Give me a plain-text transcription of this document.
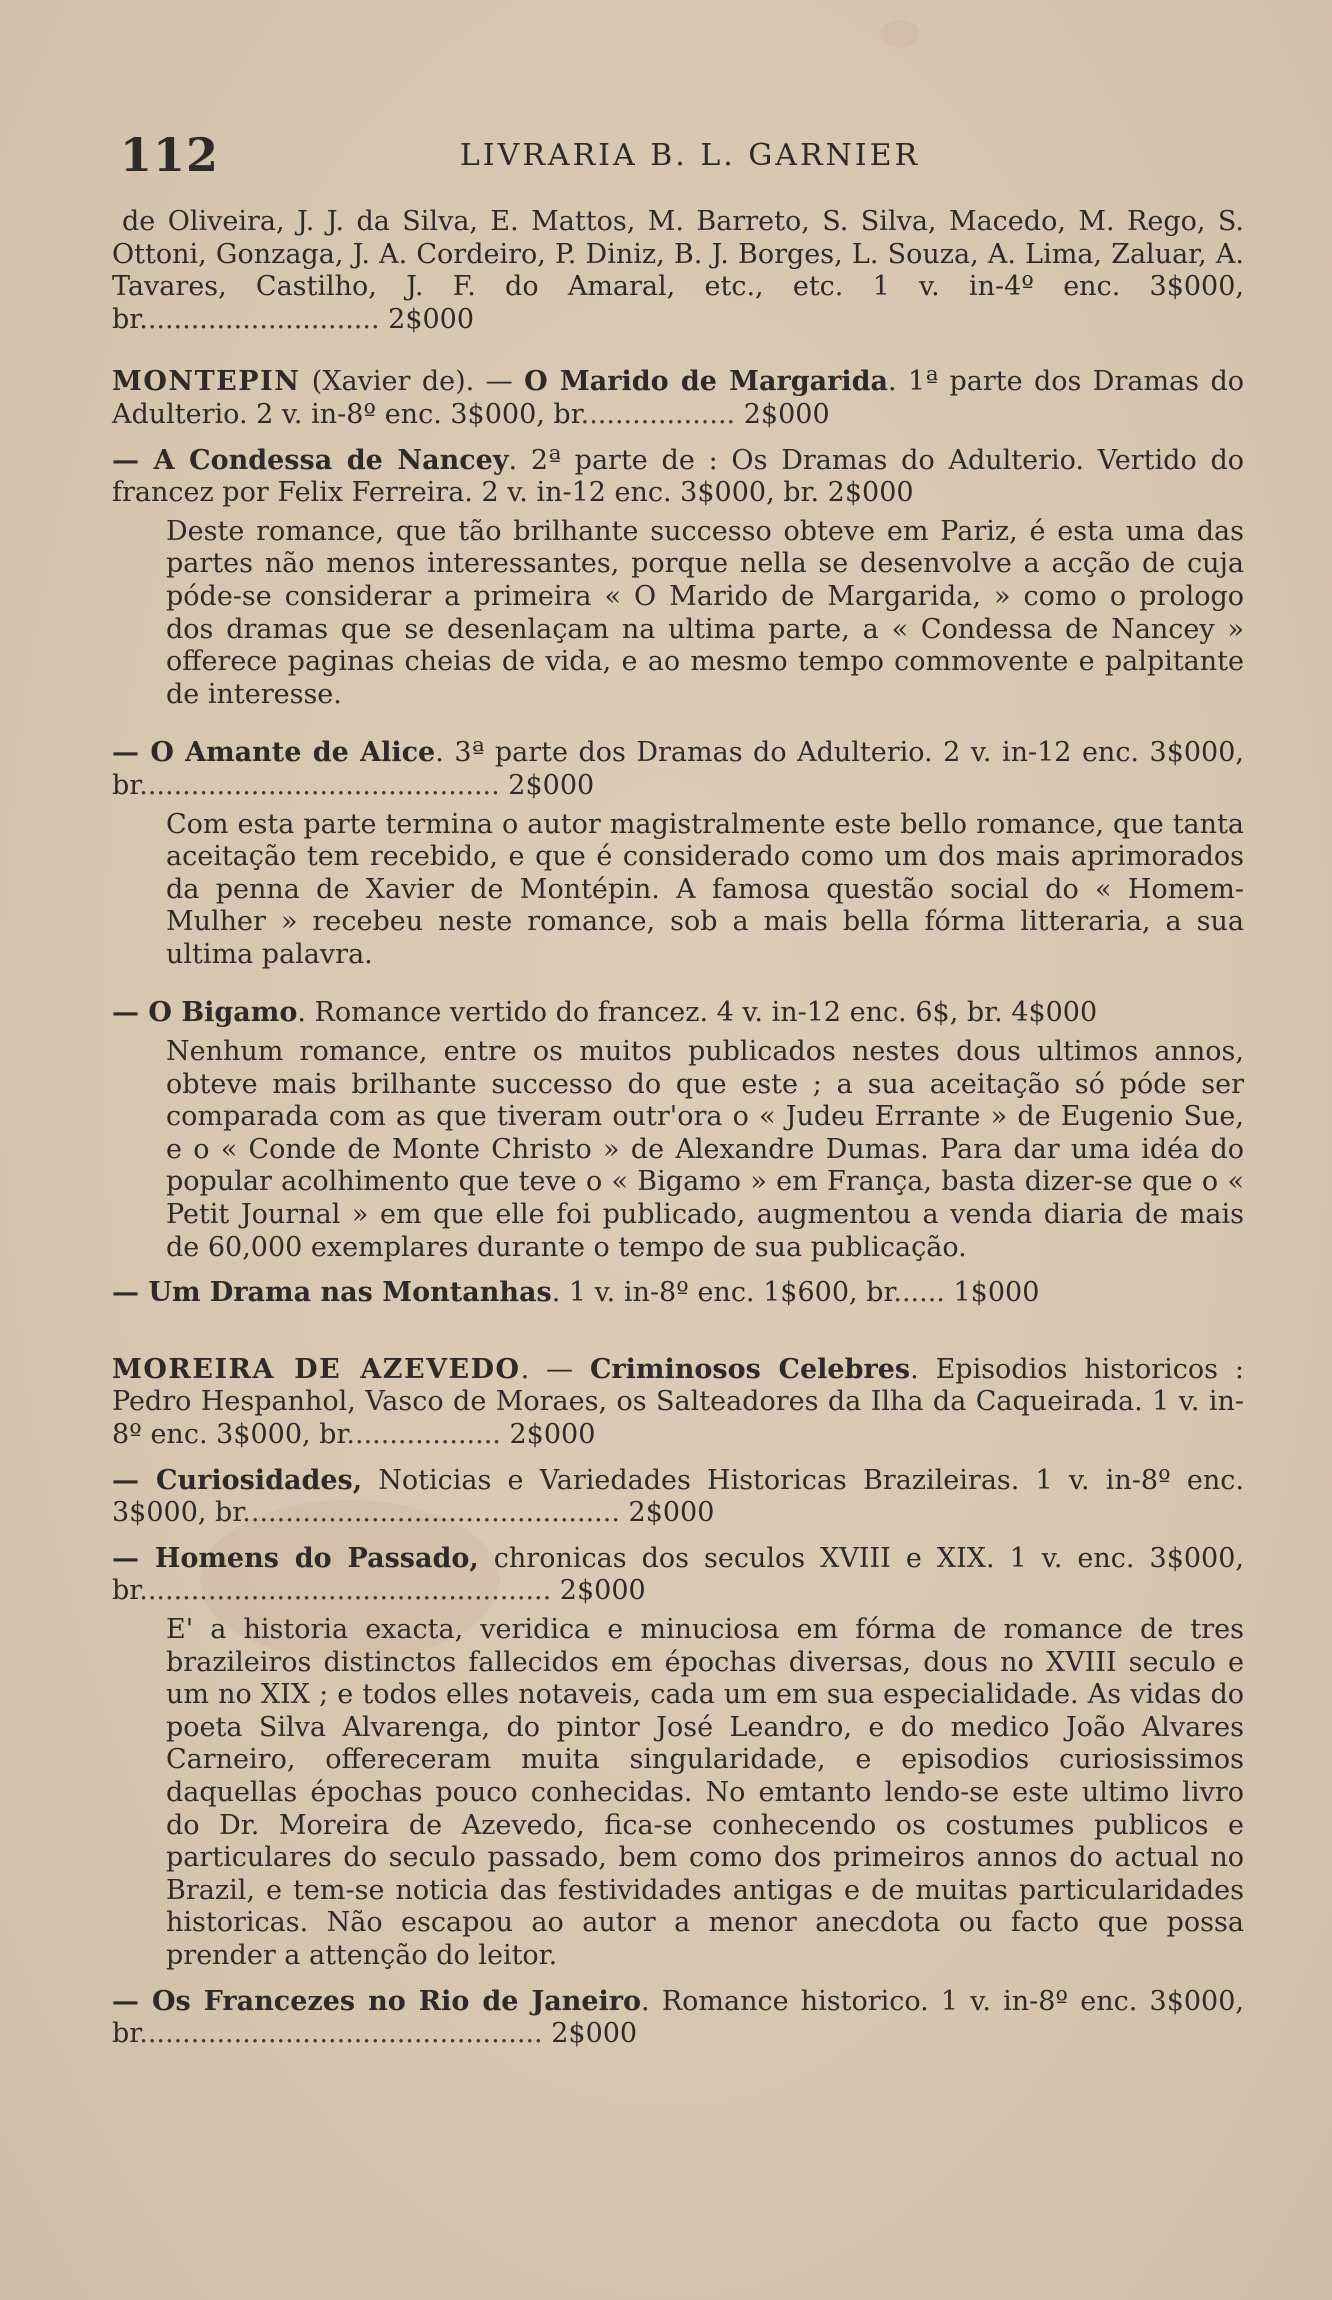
112	LIVRARIA B. L. GARNIER

de Oliveira, J. J. da Silva, E. Mattos, M. Barreto, S. Silva, Macedo, M. Rego, S. Ottoni, Gonzaga, J. A. Cordeiro, P. Diniz, B. J. Borges, L. Souza, A. Lima, Zaluar, A. Tavares, Castilho, J. F. do Amaral, etc., etc. 1 v. in-4º enc. 3$000, br............................ 2$000

MONTEPIN (Xavier de). — O Marido de Margarida. 1ª parte dos Dramas do Adulterio. 2 v. in-8º enc. 3$000, br.................. 2$000

— A Condessa de Nancey. 2ª parte de : Os Dramas do Adulterio. Vertido do francez por Felix Ferreira. 2 v. in-12 enc. 3$000, br. 2$000

Deste romance, que tão brilhante successo obteve em Pariz, é esta uma das partes não menos interessantes, porque nella se desenvolve a acção de cuja póde-se considerar a primeira « O Marido de Margarida, » como o prologo dos dramas que se desenlaçam na ultima parte, a « Condessa de Nancey » offerece paginas cheias de vida, e ao mesmo tempo commovente e palpitante de interesse.

— O Amante de Alice. 3ª parte dos Dramas do Adulterio. 2 v. in-12 enc. 3$000, br.......................................... 2$000

Com esta parte termina o autor magistralmente este bello romance, que tanta aceitação tem recebido, e que é considerado como um dos mais aprimorados da penna de Xavier de Montépin. A famosa questão social do « Homem-Mulher » recebeu neste romance, sob a mais bella fórma litteraria, a sua ultima palavra.

— O Bigamo. Romance vertido do francez. 4 v. in-12 enc. 6$, br. 4$000

Nenhum romance, entre os muitos publicados nestes dous ultimos annos, obteve mais brilhante successo do que este ; a sua aceitação só póde ser comparada com as que tiveram outr'ora o « Judeu Errante » de Eugenio Sue, e o « Conde de Monte Christo » de Alexandre Dumas. Para dar uma idéa do popular acolhimento que teve o « Bigamo » em França, basta dizer-se que o « Petit Journal » em que elle foi publicado, augmentou a venda diaria de mais de 60,000 exemplares durante o tempo de sua publicação.

— Um Drama nas Montanhas. 1 v. in-8º enc. 1$600, br...... 1$000

MOREIRA DE AZEVEDO. — Criminosos Celebres. Episodios historicos : Pedro Hespanhol, Vasco de Moraes, os Salteadores da Ilha da Caqueirada. 1 v. in-8º enc. 3$000, br.................. 2$000

— Curiosidades, Noticias e Variedades Historicas Brazileiras. 1 v. in-8º enc. 3$000, br............................................ 2$000

— Homens do Passado, chronicas dos seculos XVIII e XIX. 1 v. enc. 3$000, br................................................ 2$000

E' a historia exacta, veridica e minuciosa em fórma de romance de tres brazileiros distinctos fallecidos em épochas diversas, dous no XVIII seculo e um no XIX ; e todos elles notaveis, cada um em sua especialidade. As vidas do poeta Silva Alvarenga, do pintor José Leandro, e do medico João Alvares Carneiro, offereceram muita singularidade, e episodios curiosissimos daquellas épochas pouco conhecidas. No emtanto lendo-se este ultimo livro do Dr. Moreira de Azevedo, fica-se conhecendo os costumes publicos e particulares do seculo passado, bem como dos primeiros annos do actual no Brazil, e tem-se noticia das festividades antigas e de muitas particularidades historicas. Não escapou ao autor a menor anecdota ou facto que possa prender a attenção do leitor.

— Os Francezes no Rio de Janeiro. Romance historico. 1 v. in-8º enc. 3$000, br............................................... 2$000
